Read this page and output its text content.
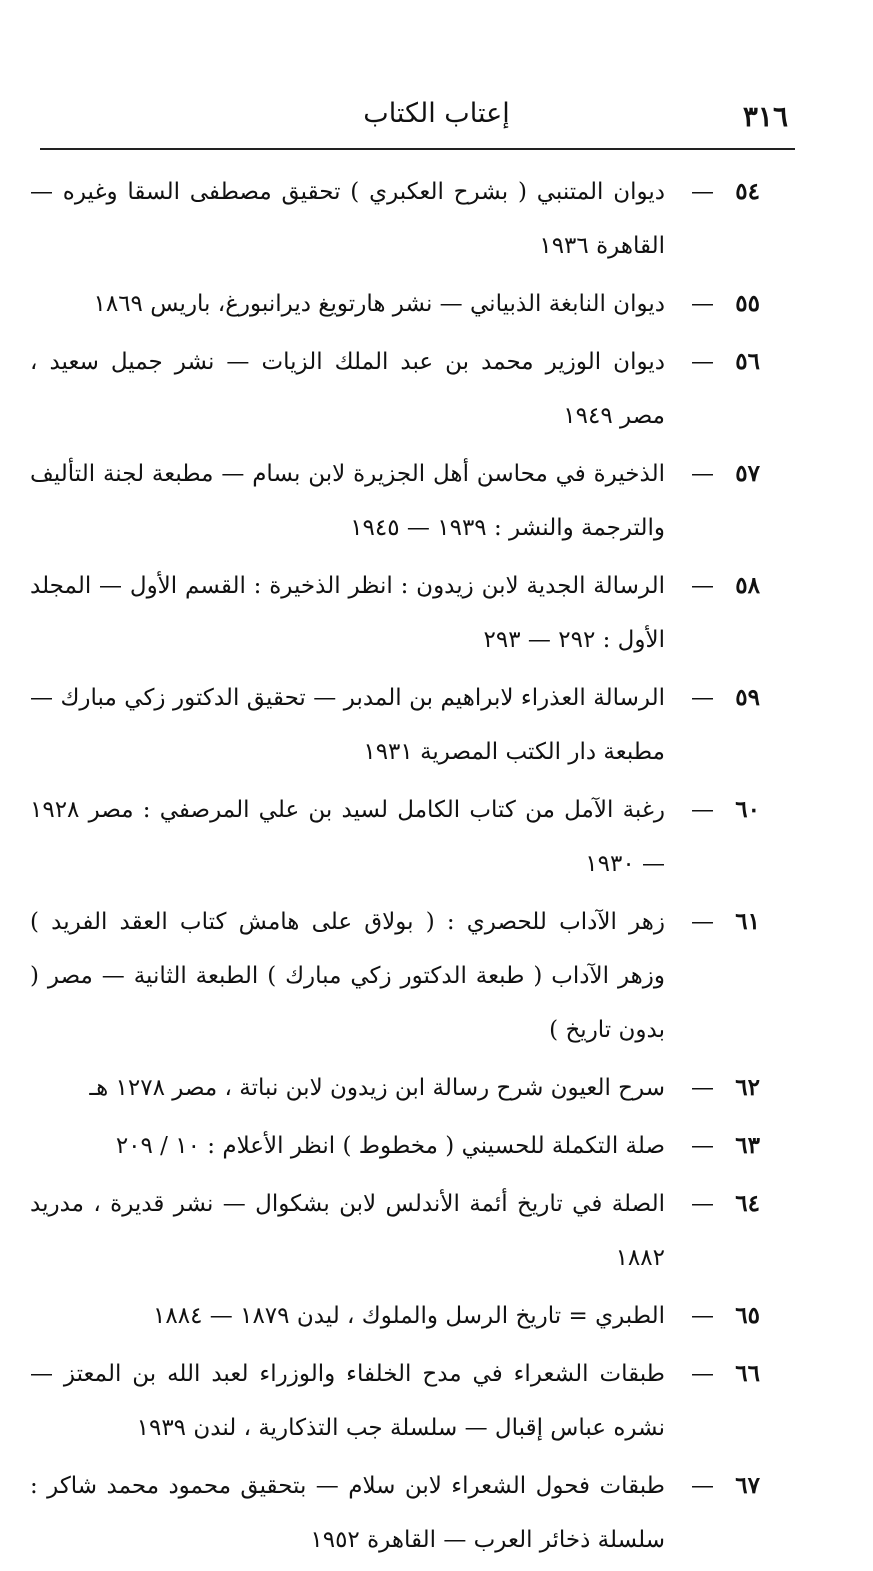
٣١٦
إعتاب الكتاب
٥٤
—
ديوان المتنبي ( بشرح العكبري ) تحقيق مصطفى السقا وغيره — القاهرة ١٩٣٦
٥٥
—
ديوان النابغة الذبياني — نشر هارتويغ ديرانبورغ، باريس ١٨٦٩
٥٦
—
ديوان الوزير محمد بن عبد الملك الزيات — نشر جميل سعيد ، مصر ١٩٤٩
٥٧
—
الذخيرة في محاسن أهل الجزيرة لابن بسام — مطبعة لجنة التأليف والترجمة والنشر : ١٩٣٩ — ١٩٤٥
٥٨
—
الرسالة الجدية لابن زيدون : انظر الذخيرة : القسم الأول — المجلد الأول : ٢٩٢ — ٢٩٣
٥٩
—
الرسالة العذراء لابراهيم بن المدبر — تحقيق الدكتور زكي مبارك — مطبعة دار الكتب المصرية ١٩٣١
٦٠
—
رغبة الآمل من كتاب الكامل لسيد بن علي المرصفي : مصر ١٩٢٨ — ١٩٣٠
٦١
—
زهر الآداب للحصري : ( بولاق على هامش كتاب العقد الفريد ) وزهر الآداب ( طبعة الدكتور زكي مبارك ) الطبعة الثانية — مصر ( بدون تاريخ )
٦٢
—
سرح العيون شرح رسالة ابن زيدون لابن نباتة ، مصر ١٢٧٨ هـ
٦٣
—
صلة التكملة للحسيني ( مخطوط ) انظر الأعلام : ١٠ / ٢٠٩
٦٤
—
الصلة في تاريخ أئمة الأندلس لابن بشكوال — نشر قديرة ، مدريد ١٨٨٢
٦٥
—
الطبري = تاريخ الرسل والملوك ، ليدن ١٨٧٩ — ١٨٨٤
٦٦
—
طبقات الشعراء في مدح الخلفاء والوزراء لعبد الله بن المعتز — نشره عباس إقبال — سلسلة جب التذكارية ، لندن ١٩٣٩
٦٧
—
طبقات فحول الشعراء لابن سلام — بتحقيق محمود محمد شاكر : سلسلة ذخائر العرب — القاهرة ١٩٥٢
